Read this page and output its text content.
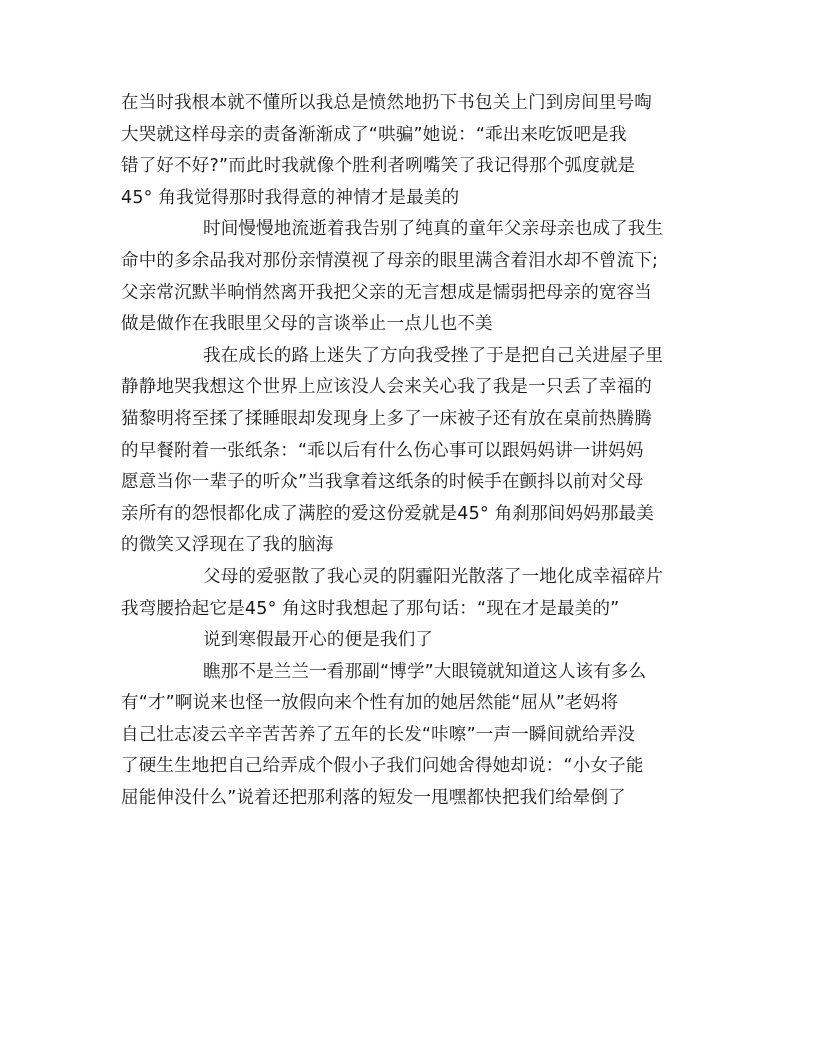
在当时我根本就不懂所以我总是愤然地扔下书包关上门到房间里号啕
大哭就这样母亲的责备渐渐成了“哄骗”她说：“乖出来吃饭吧是我
错了好不好?”而此时我就像个胜利者咧嘴笑了我记得那个弧度就是
45° 角我觉得那时我得意的神情才是最美的
时间慢慢地流逝着我告别了纯真的童年父亲母亲也成了我生
命中的多余品我对那份亲情漠视了母亲的眼里满含着泪水却不曾流下;
父亲常沉默半晌悄然离开我把父亲的无言想成是懦弱把母亲的宽容当
做是做作在我眼里父母的言谈举止一点儿也不美
我在成长的路上迷失了方向我受挫了于是把自己关进屋子里
静静地哭我想这个世界上应该没人会来关心我了我是一只丢了幸福的
猫黎明将至揉了揉睡眼却发现身上多了一床被子还有放在桌前热腾腾
的早餐附着一张纸条：“乖以后有什么伤心事可以跟妈妈讲一讲妈妈
愿意当你一辈子的听众”当我拿着这纸条的时候手在颤抖以前对父母
亲所有的怨恨都化成了满腔的爱这份爱就是45° 角刹那间妈妈那最美
的微笑又浮现在了我的脑海
父母的爱驱散了我心灵的阴霾阳光散落了一地化成幸福碎片
我弯腰拾起它是45° 角这时我想起了那句话：“现在才是最美的”
说到寒假最开心的便是我们了
瞧那不是兰兰一看那副“博学”大眼镜就知道这人该有多么
有“才”啊说来也怪一放假向来个性有加的她居然能“屈从”老妈将
自己壮志凌云辛辛苦苦养了五年的长发“咔嚓”一声一瞬间就给弄没
了硬生生地把自己给弄成个假小子我们问她舍得她却说：“小女子能
屈能伸没什么”说着还把那利落的短发一甩嘿都快把我们给晕倒了
